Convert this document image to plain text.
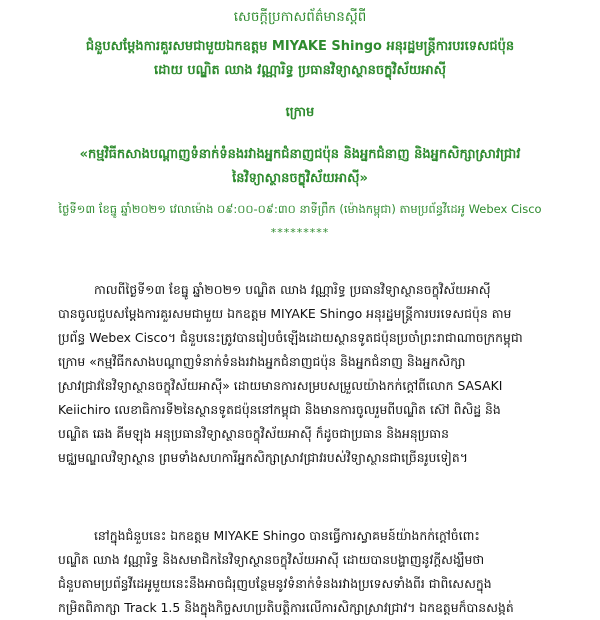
សេចក្តីប្រកាសព័ត៌មានស្តីពី
ជំនួបសម្តែងការគួរសមជាមួយឯកឧត្តម MIYAKE Shingo អនុរដ្ឋមន្ត្រីការបរទេសជប៉ុន
ដោយ បណ្ឌិត ឈាង វណ្ណារិទ្ធ ប្រធានវិទ្យាស្ថានចក្ខុវិស័យអាស៊ី
ក្រោម
«កម្មវិធីកសាងបណ្តាញទំនាក់ទំនងរវាងអ្នកជំនាញជប៉ុន និងអ្នកជំនាញ និងអ្នកសិក្សាស្រាវជ្រាវ
នៃវិទ្យាស្ថានចក្ខុវិស័យអាស៊ី»
ថ្ងៃទី១៣ ខែធ្នូ ឆ្នាំ២០២១ វេលាម៉ោង ០៩:០០-០៩:៣០ នាទីព្រឹក (ម៉ោងកម្ពុជា) តាមប្រព័ន្ធវីដេអូ Webex Cisco
*********
កាលពីថ្ងៃទី១៣ ខែធ្នូ ឆ្នាំ២០២១ បណ្ឌិត ឈាង វណ្ណារិទ្ធ ប្រធានវិទ្យាស្ថានចក្ខុវិស័យអាស៊ី
បានចូលជួបសម្តែងការគួរសមជាមួយ ឯកឧត្តម MIYAKE Shingo អនុរដ្ឋមន្ត្រីការបរទេសជប៉ុន តាម
ប្រព័ន្ធ Webex Cisco។ ជំនួបនេះត្រូវបានរៀបចំឡើងដោយស្ថានទូតជប៉ុនប្រចាំព្រះរាជាណាចក្រកម្ពុជា
ក្រោម «កម្មវិធីកសាងបណ្តាញទំនាក់ទំនងរវាងអ្នកជំនាញជប៉ុន និងអ្នកជំនាញ និងអ្នកសិក្សា
ស្រាវជ្រាវនៃវិទ្យាស្ថានចក្ខុវិស័យអាស៊ី» ដោយមានការសម្របសម្រួលយ៉ាងកក់ក្តៅពីលោក SASAKI
Keiichiro លេខាធិការទី២នៃស្ថានទូតជប៉ុននៅកម្ពុជា និងមានការចូលរួមពីបណ្ឌិត ស៊ៅ ពិសិដ្ឋ និង
បណ្ឌិត ឆេង គីមឡុង អនុប្រធានវិទ្យាស្ថានចក្ខុវិស័យអាស៊ី ក៏ដូចជាប្រធាន និងអនុប្រធាន
មជ្ឈមណ្ឌលវិទ្យាស្ថាន ព្រមទាំងសហការីអ្នកសិក្សាស្រាវជ្រាវរបស់វិទ្យាស្ថានជាច្រើនរូបទៀត។
នៅក្នុងជំនួបនេះ ឯកឧត្តម MIYAKE Shingo បានធ្វើការស្វាគមន៍យ៉ាងកក់ក្តៅចំពោះ
បណ្ឌិត ឈាង វណ្ណារិទ្ធ និងសមាជិកនៃវិទ្យាស្ថានចក្ខុវិស័យអាស៊ី ដោយបានបង្ហាញនូវក្តីសង្ឃឹមថា
ជំនួបតាមប្រព័ន្ធវីដេអូមួយនេះនឹងអាចជំរុញបន្ថែមនូវទំនាក់ទំនងរវាងប្រទេសទាំងពីរ ជាពិសេសក្នុង
កម្រិតពិភាក្សា Track 1.5 និងក្នុងកិច្ចសហប្រតិបត្តិការលើការសិក្សាស្រាវជ្រាវ។ ឯកឧត្តមក៏បានសង្កត់
